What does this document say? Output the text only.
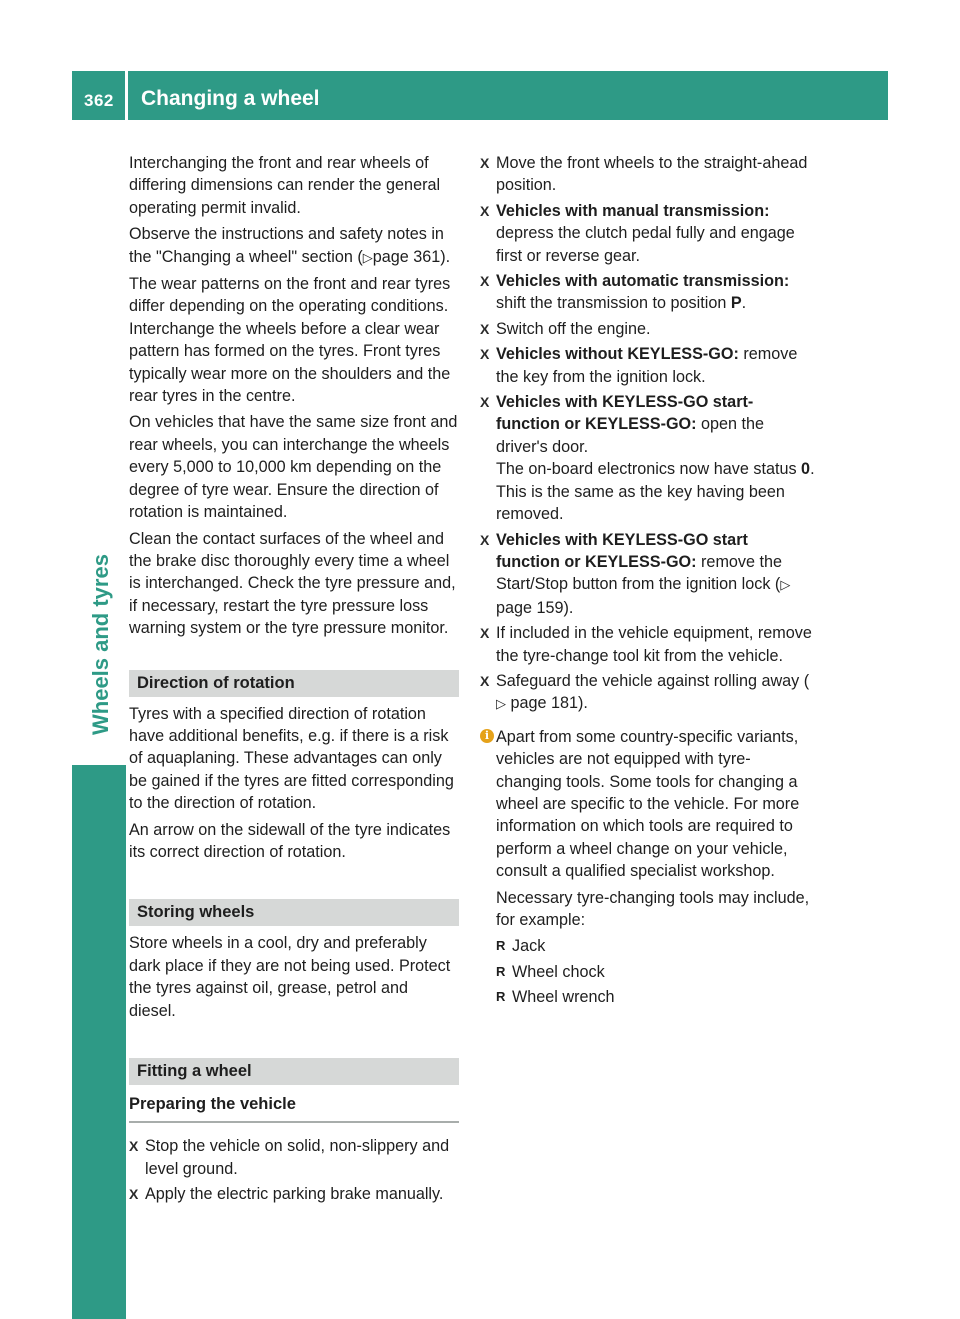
362 Changing a wheel
Wheels and tyres

Interchanging the front and rear wheels of differing dimensions can render the general operating permit invalid.

Observe the instructions and safety notes in the "Changing a wheel" section (▷page 361).

The wear patterns on the front and rear tyres differ depending on the operating conditions. Interchange the wheels before a clear wear pattern has formed on the tyres. Front tyres typically wear more on the shoulders and the rear tyres in the centre.

On vehicles that have the same size front and rear wheels, you can interchange the wheels every 5,000 to 10,000 km depending on the degree of tyre wear. Ensure the direction of rotation is maintained.

Clean the contact surfaces of the wheel and the brake disc thoroughly every time a wheel is interchanged. Check the tyre pressure and, if necessary, restart the tyre pressure loss warning system or the tyre pressure monitor.

Direction of rotation

Tyres with a specified direction of rotation have additional benefits, e.g. if there is a risk of aquaplaning. These advantages can only be gained if the tyres are fitted corresponding to the direction of rotation.

An arrow on the sidewall of the tyre indicates its correct direction of rotation.

Storing wheels

Store wheels in a cool, dry and preferably dark place if they are not being used. Protect the tyres against oil, grease, petrol and diesel.

Fitting a wheel
Preparing the vehicle
X Stop the vehicle on solid, non-slippery and level ground.
X Apply the electric parking brake manually.
X Move the front wheels to the straight-ahead position.
X Vehicles with manual transmission:
depress the clutch pedal fully and engage first or reverse gear.
X Vehicles with automatic transmission:
shift the transmission to position P.
X Switch off the engine.
X Vehicles without KEYLESS-GO: remove the key from the ignition lock.
X Vehicles with KEYLESS-GO start-function or KEYLESS-GO: open the driver's door.
The on-board electronics now have status 0. This is the same as the key having been removed.
X Vehicles with KEYLESS-GO start function or KEYLESS-GO: remove the Start/Stop button from the ignition lock (▷ page 159).
X If included in the vehicle equipment, remove the tyre-change tool kit from the vehicle.
X Safeguard the vehicle against rolling away (▷ page 181).
i Apart from some country-specific variants, vehicles are not equipped with tyre-changing tools. Some tools for changing a wheel are specific to the vehicle. For more information on which tools are required to perform a wheel change on your vehicle, consult a qualified specialist workshop.

Necessary tyre-changing tools may include, for example:

R Jack
R Wheel chock
R Wheel wrench
